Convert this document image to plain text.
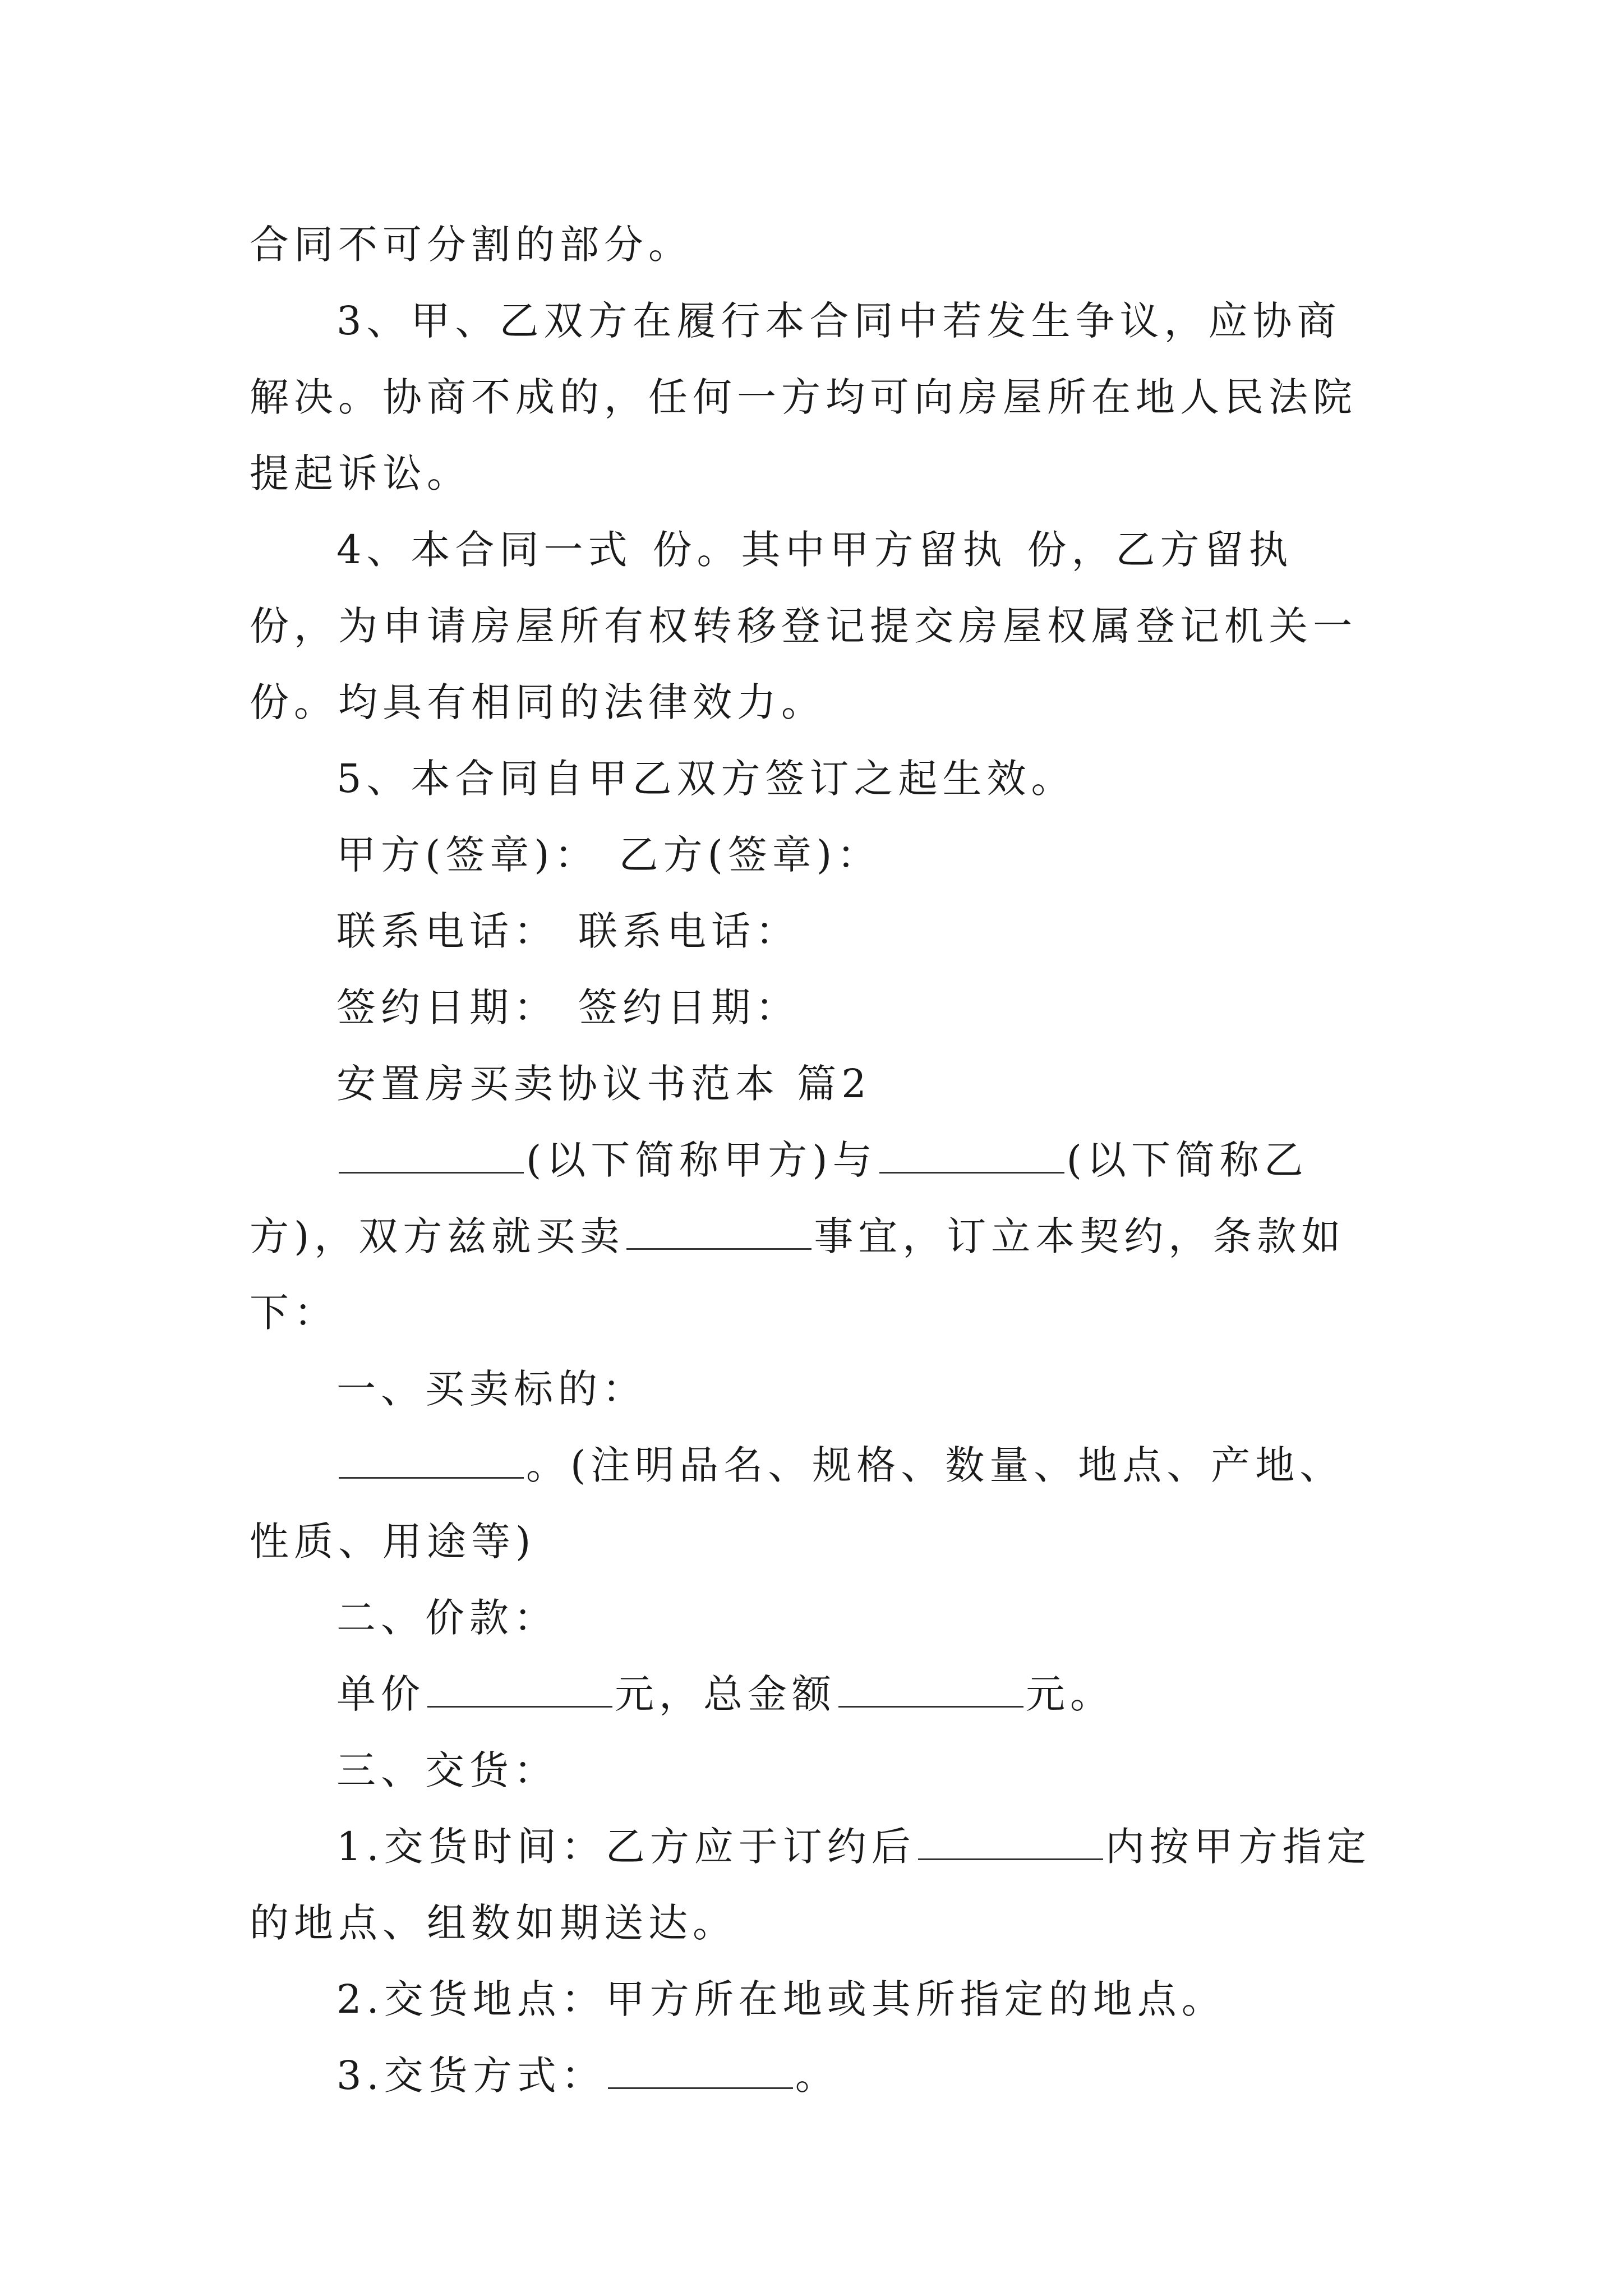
合同不可分割的部分。

3、甲、乙双方在履行本合同中若发生争议，应协商解决。协商不成的，任何一方均可向房屋所在地人民法院提起诉讼。

4、本合同一式 份。其中甲方留执 份，乙方留执份，为申请房屋所有权转移登记提交房屋权属登记机关一份。均具有相同的法律效力。

5、本合同自甲乙双方签订之起生效。

甲方(签章)： 乙方(签章)：

联系电话： 联系电话：

签约日期： 签约日期：

安置房买卖协议书范本 篇2

(以下简称甲方)与	(以下简称乙方)，双方兹就买卖	事宜，订立本契约，条款如下：

一、买卖标的：

。(注明品名、规格、数量、地点、产地、性质、用途等)

二、价款：

单价	元，总金额	元。

三、交货：

1.交货时间：乙方应于订约后	内按甲方指定的地点、组数如期送达。

2.交货地点：甲方所在地或其所指定的地点。

3.交货方式：	。
